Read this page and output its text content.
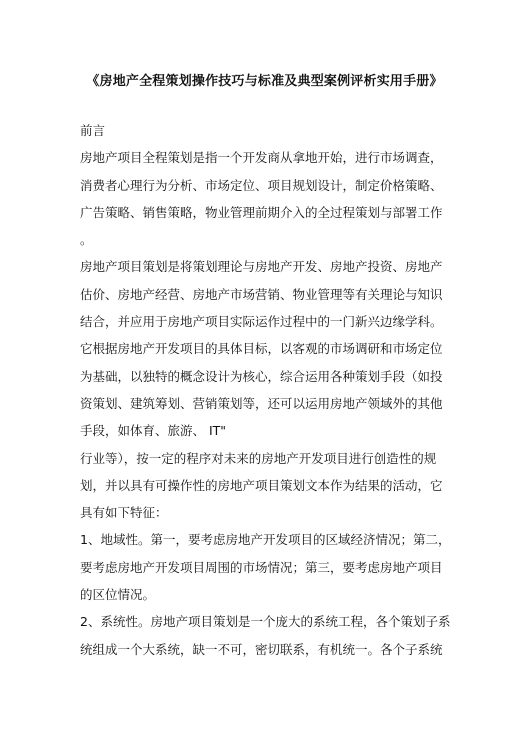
《房地产全程策划操作技巧与标准及典型案例评析实用手册》
前言
房地产项目全程策划是指一个开发商从拿地开始，进行市场调查，
消费者心理行为分析、市场定位、项目规划设计，制定价格策略、
广告策略、销售策略，物业管理前期介入的全过程策划与部署工作
。
房地产项目策划是将策划理论与房地产开发、房地产投资、房地产
估价、房地产经营、房地产市场营销、物业管理等有关理论与知识
结合，并应用于房地产项目实际运作过程中的一门新兴边缘学科。
它根据房地产开发项目的具体目标，以客观的市场调研和市场定位
为基础，以独特的概念设计为核心，综合运用各种策划手段（如投
资策划、建筑筹划、营销策划等，还可以运用房地产领域外的其他
手段，如体育、旅游、 IT"
行业等），按一定的程序对未来的房地产开发项目进行创造性的规
划，并以具有可操作性的房地产项目策划文本作为结果的活动，它
具有如下特征：
1、地域性。第一，要考虑房地产开发项目的区域经济情况；第二，
要考虑房地产开发项目周围的市场情况；第三，要考虑房地产项目
的区位情况。
2、系统性。房地产项目策划是一个庞大的系统工程，各个策划子系
统组成一个大系统，缺一不可，密切联系，有机统一。各个子系统
